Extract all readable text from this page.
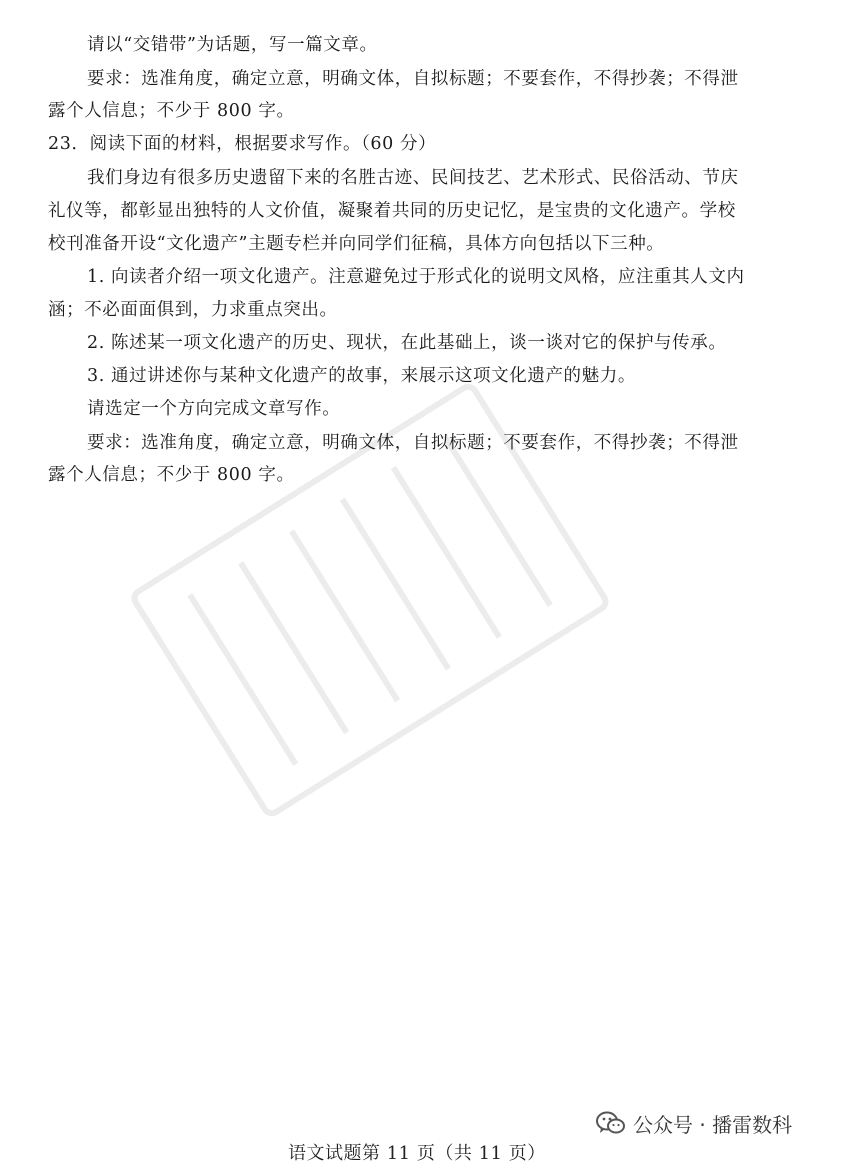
请以“交错带”为话题，写一篇文章。
要求：选准角度，确定立意，明确文体，自拟标题；不要套作，不得抄袭；不得泄
露个人信息；不少于 800 字。
23．阅读下面的材料，根据要求写作。（60 分）
我们身边有很多历史遗留下来的名胜古迹、民间技艺、艺术形式、民俗活动、节庆
礼仪等，都彰显出独特的人文价值，凝聚着共同的历史记忆，是宝贵的文化遗产。学校
校刊准备开设“文化遗产”主题专栏并向同学们征稿，具体方向包括以下三种。
1. 向读者介绍一项文化遗产。注意避免过于形式化的说明文风格，应注重其人文内
涵；不必面面俱到，力求重点突出。
2. 陈述某一项文化遗产的历史、现状，在此基础上，谈一谈对它的保护与传承。
3. 通过讲述你与某种文化遗产的故事，来展示这项文化遗产的魅力。
请选定一个方向完成文章写作。
要求：选准角度，确定立意，明确文体，自拟标题；不要套作，不得抄袭；不得泄
露个人信息；不少于 800 字。
公众号 · 播雷数科
语文试题第 11 页（共 11 页）
